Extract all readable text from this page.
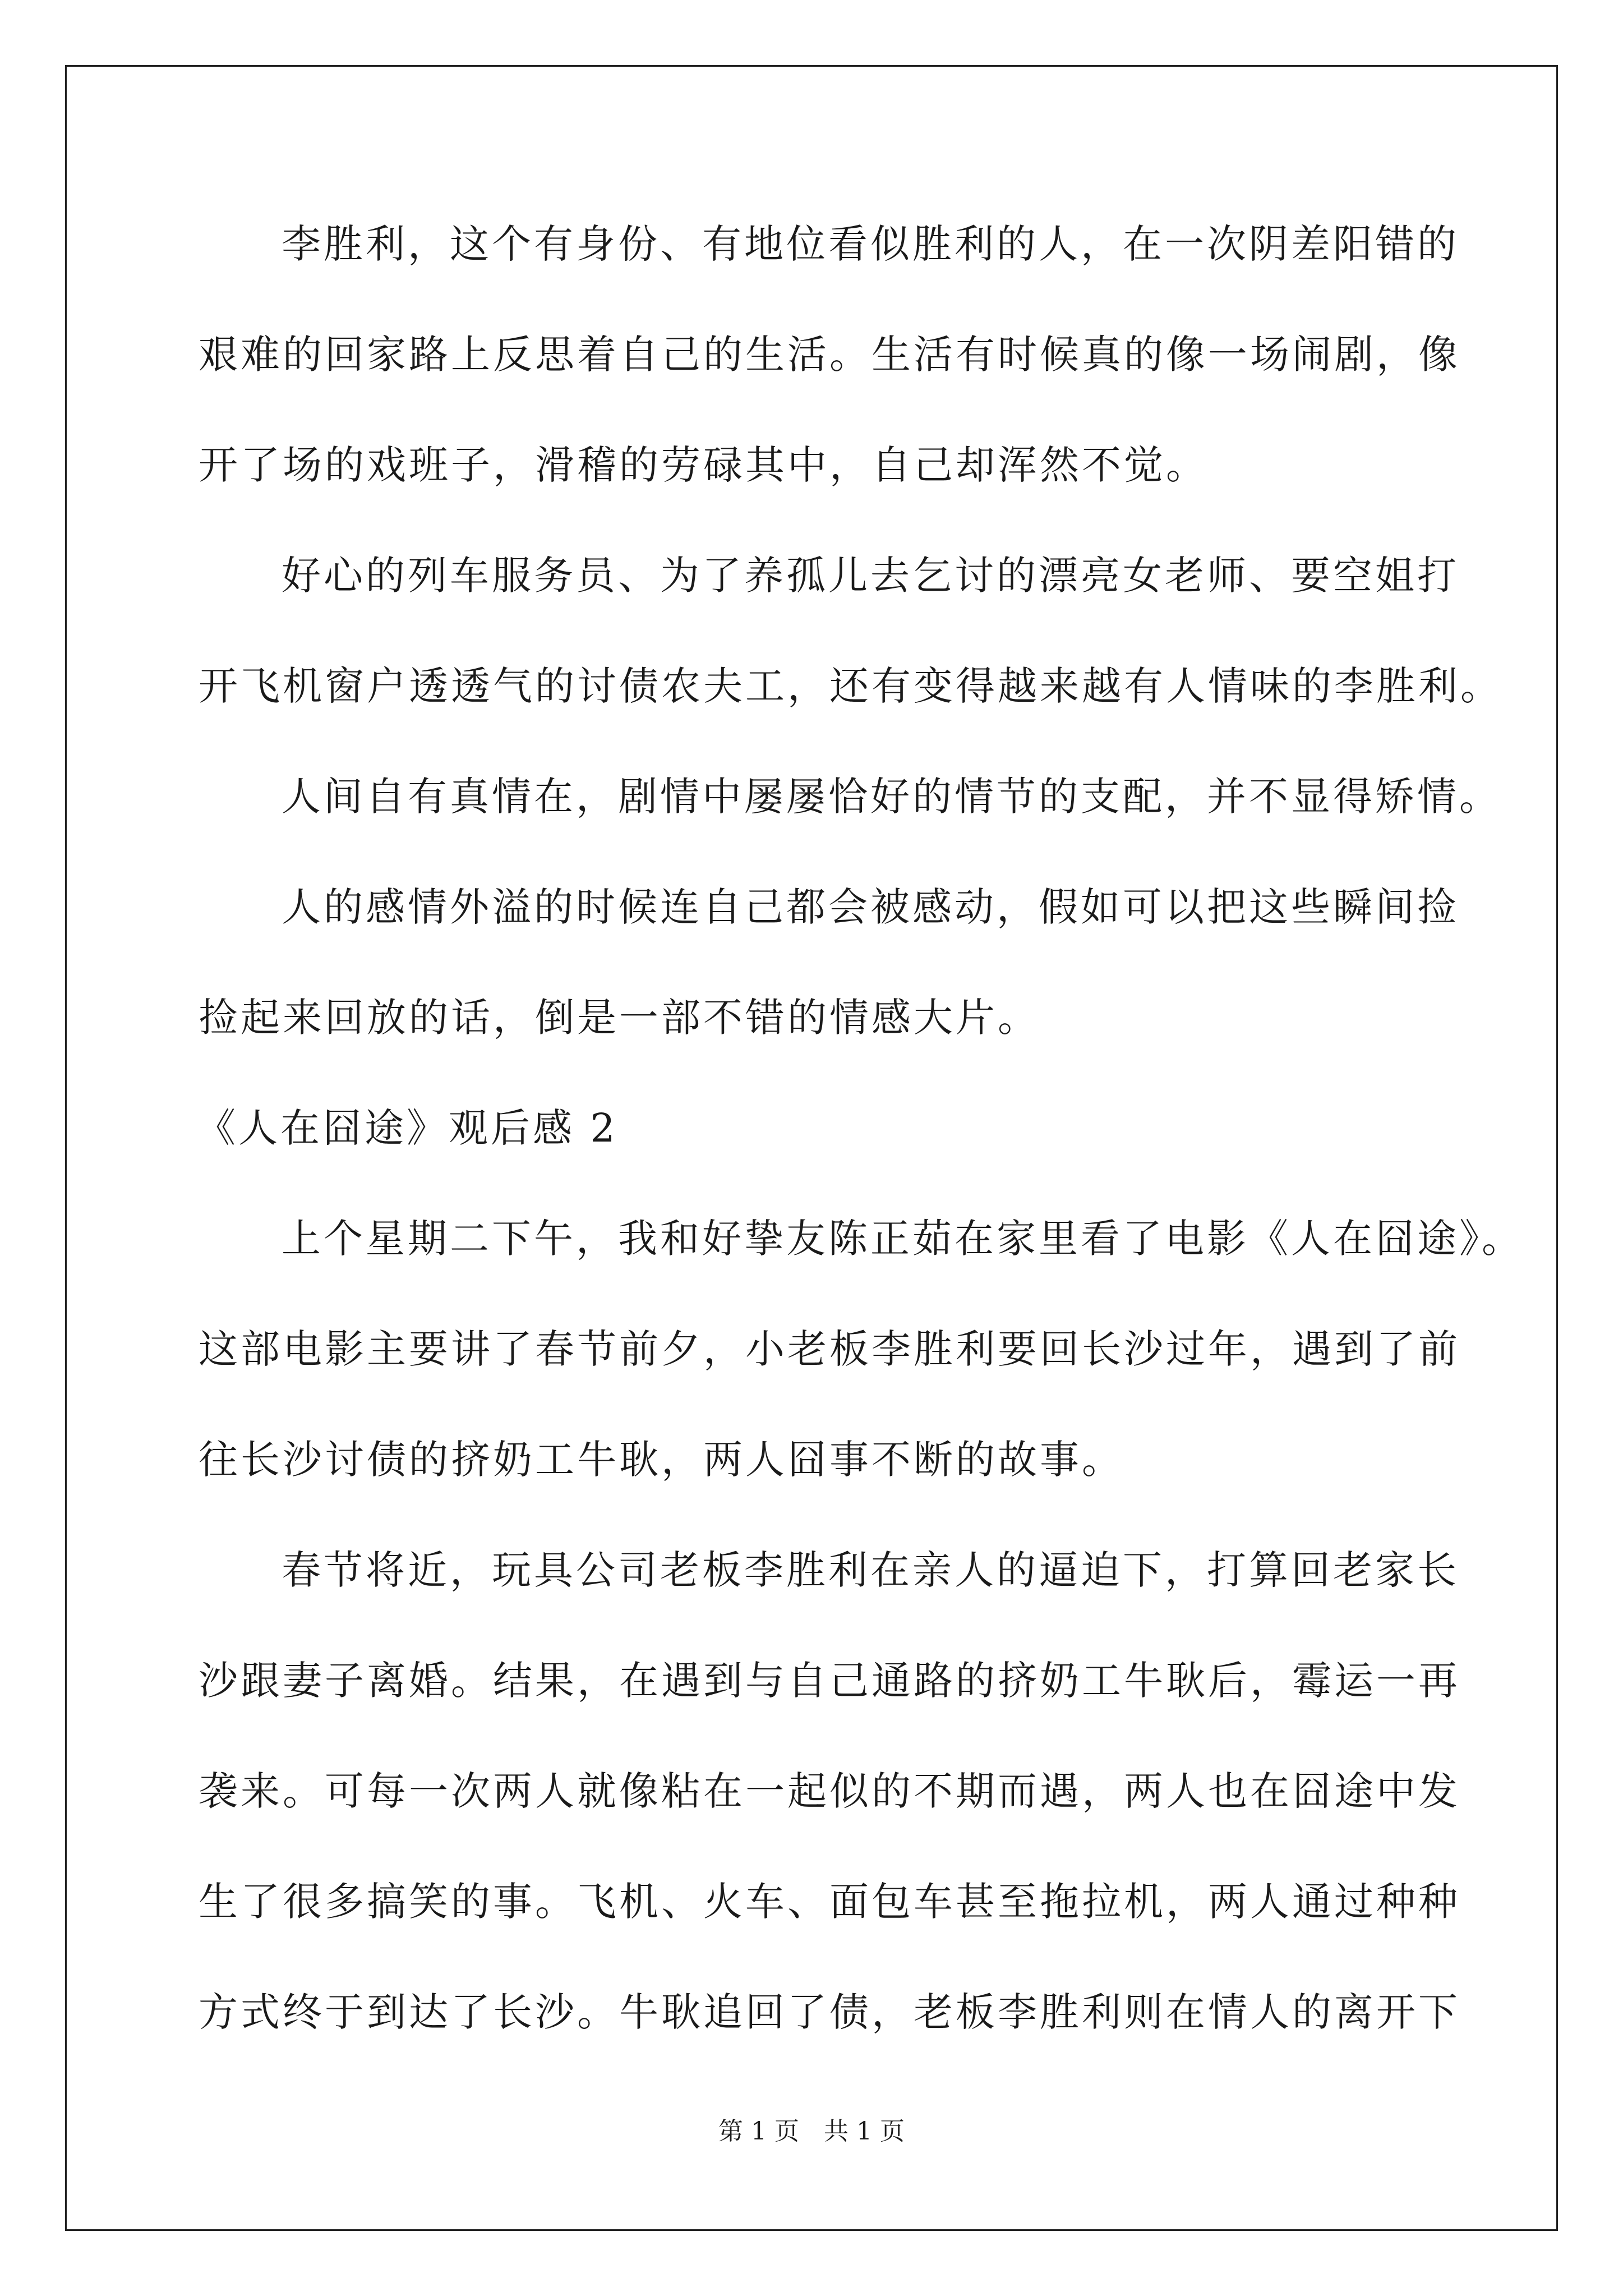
李胜利，这个有身份、有地位看似胜利的人，在一次阴差阳错的
艰难的回家路上反思着自己的生活。生活有时候真的像一场闹剧，像
开了场的戏班子，滑稽的劳碌其中，自己却浑然不觉。
好心的列车服务员、为了养孤儿去乞讨的漂亮女老师、要空姐打
开飞机窗户透透气的讨债农夫工，还有变得越来越有人情味的李胜利。
人间自有真情在，剧情中屡屡恰好的情节的支配，并不显得矫情。
人的感情外溢的时候连自己都会被感动，假如可以把这些瞬间捡
捡起来回放的话，倒是一部不错的情感大片。
《人在囧途》观后感 2
上个星期二下午，我和好挚友陈正茹在家里看了电影《人在囧途》。
这部电影主要讲了春节前夕，小老板李胜利要回长沙过年，遇到了前
往长沙讨债的挤奶工牛耿，两人囧事不断的故事。
春节将近，玩具公司老板李胜利在亲人的逼迫下，打算回老家长
沙跟妻子离婚。结果，在遇到与自己通路的挤奶工牛耿后，霉运一再
袭来。可每一次两人就像粘在一起似的不期而遇，两人也在囧途中发
生了很多搞笑的事。飞机、火车、面包车甚至拖拉机，两人通过种种
方式终于到达了长沙。牛耿追回了债，老板李胜利则在情人的离开下
第 1 页 共 1 页
